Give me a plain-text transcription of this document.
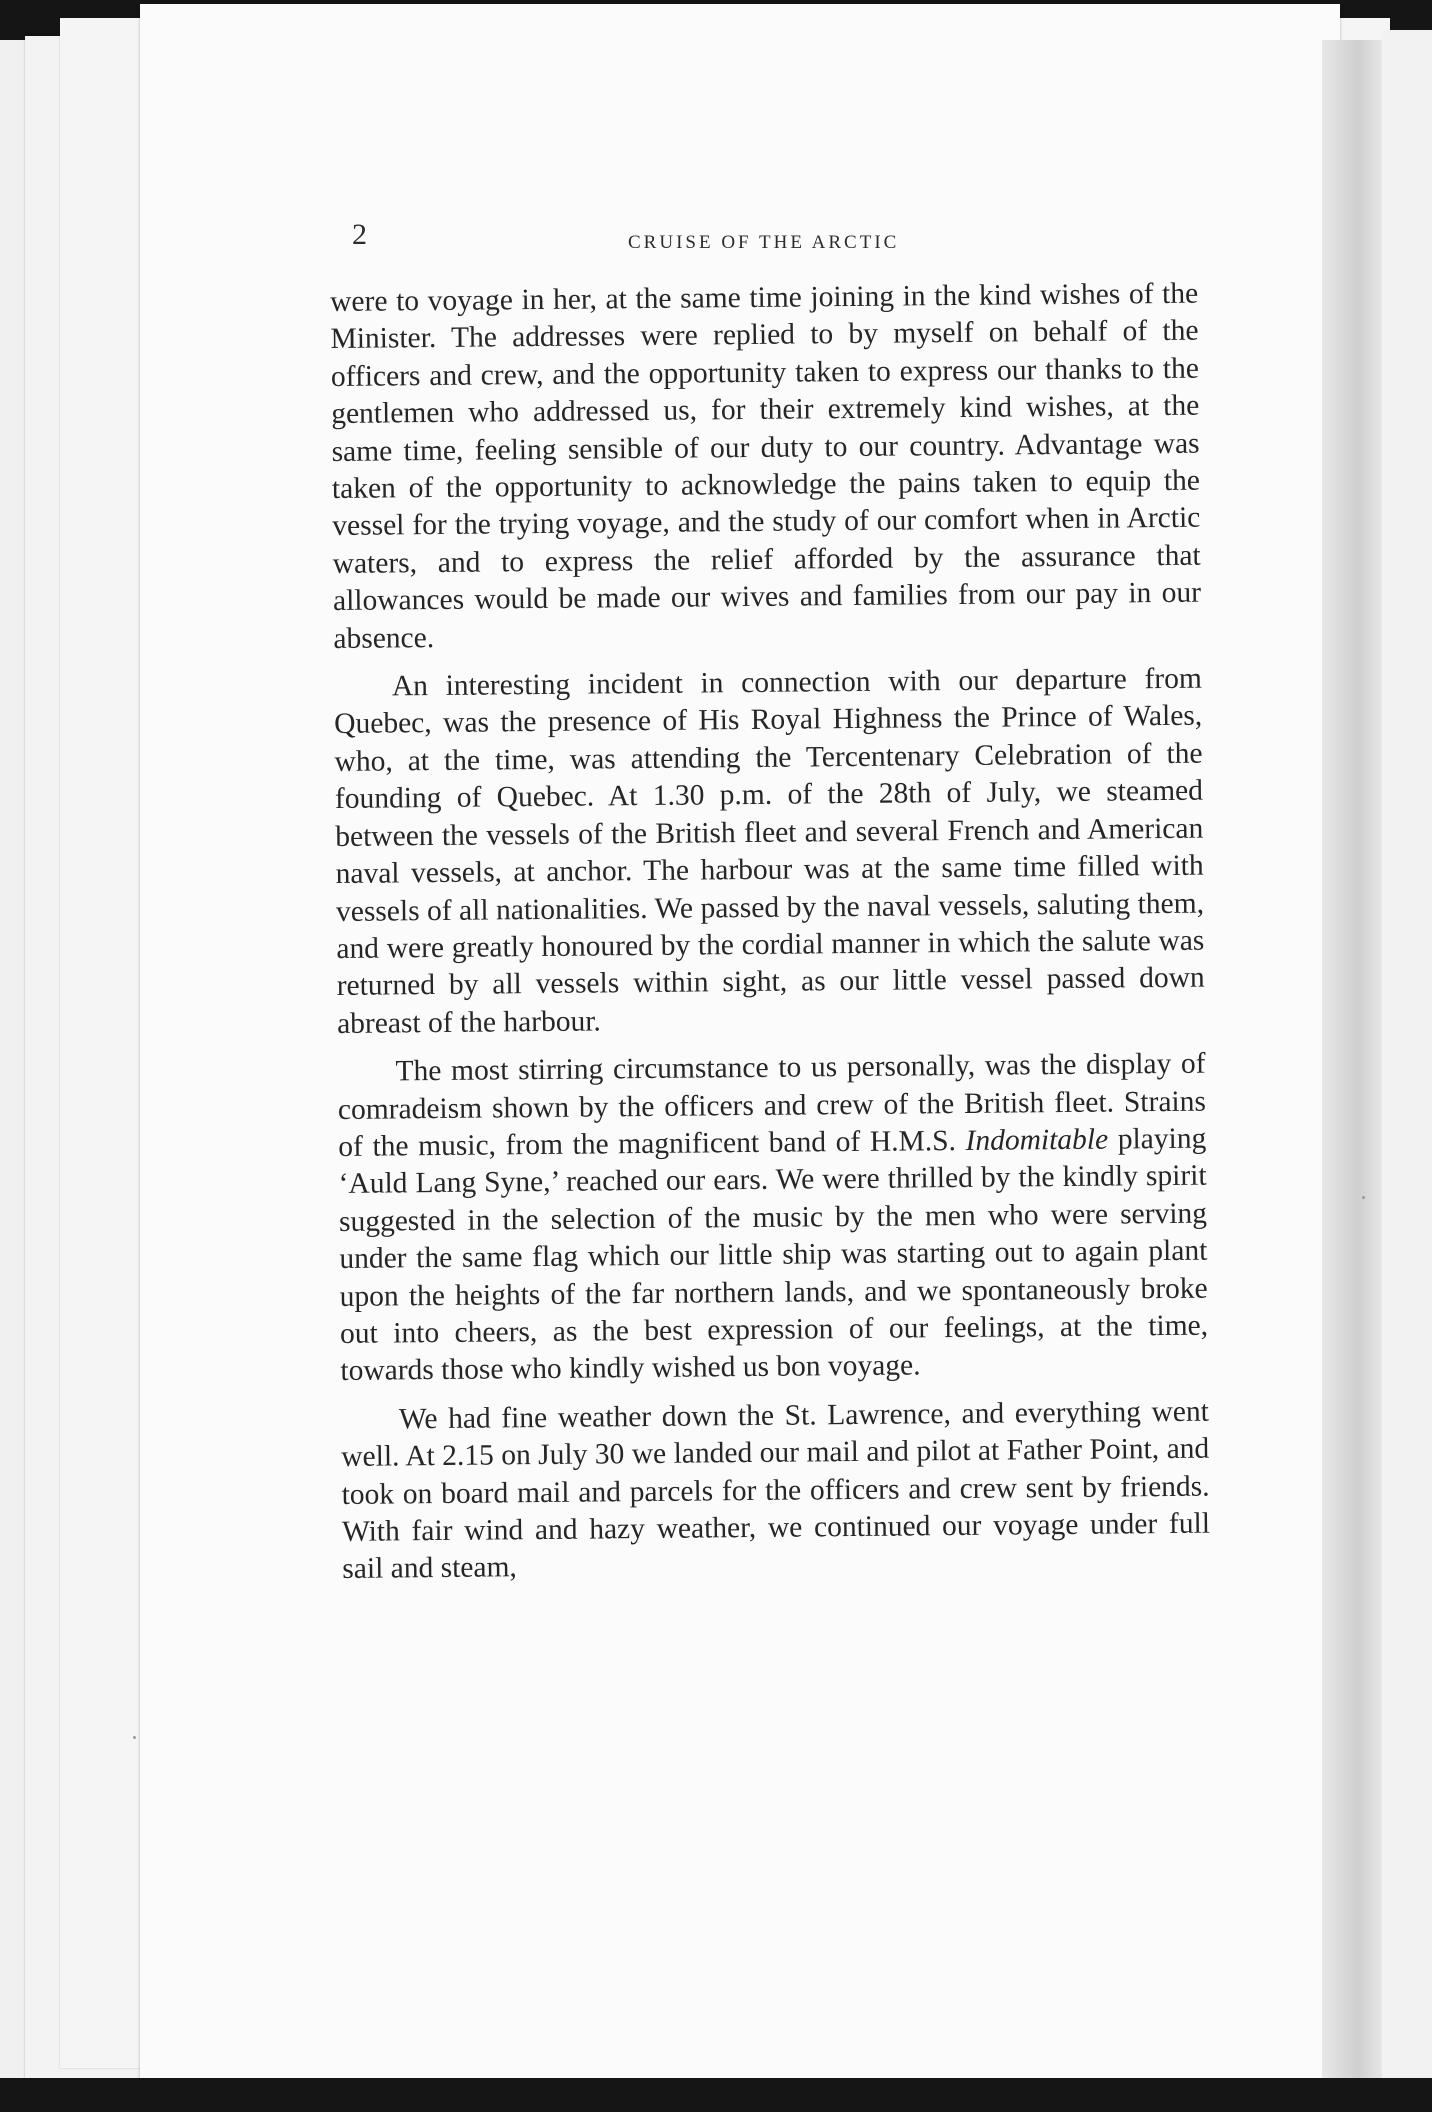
2	CRUISE OF THE ARCTIC

were to voyage in her, at the same time joining in the kind wishes of the Minister. The addresses were replied to by myself on behalf of the officers and crew, and the opportunity taken to express our thanks to the gentlemen who addressed us, for their extremely kind wishes, at the same time, feeling sensible of our duty to our country. Advantage was taken of the opportunity to acknowledge the pains taken to equip the vessel for the trying voyage, and the study of our comfort when in Arctic waters, and to express the relief afforded by the assurance that allowances would be made our wives and families from our pay in our absence.

An interesting incident in connection with our departure from Quebec, was the presence of His Royal Highness the Prince of Wales, who, at the time, was attending the Tercentenary Celebration of the founding of Quebec. At 1.30 p.m. of the 28th of July, we steamed between the vessels of the British fleet and several French and American naval vessels, at anchor. The harbour was at the same time filled with vessels of all nationalities. We passed by the naval vessels, saluting them, and were greatly honoured by the cordial manner in which the salute was returned by all vessels within sight, as our little vessel passed down abreast of the harbour.

The most stirring circumstance to us personally, was the display of comradeism shown by the officers and crew of the British fleet. Strains of the music, from the magnificent band of H.M.S. Indomitable playing ‘Auld Lang Syne,’ reached our ears. We were thrilled by the kindly spirit suggested in the selection of the music by the men who were serving under the same flag which our little ship was starting out to again plant upon the heights of the far northern lands, and we spontaneously broke out into cheers, as the best expression of our feelings, at the time, towards those who kindly wished us bon voyage.

We had fine weather down the St. Lawrence, and everything went well. At 2.15 on July 30 we landed our mail and pilot at Father Point, and took on board mail and parcels for the officers and crew sent by friends. With fair wind and hazy weather, we continued our voyage under full sail and steam,
